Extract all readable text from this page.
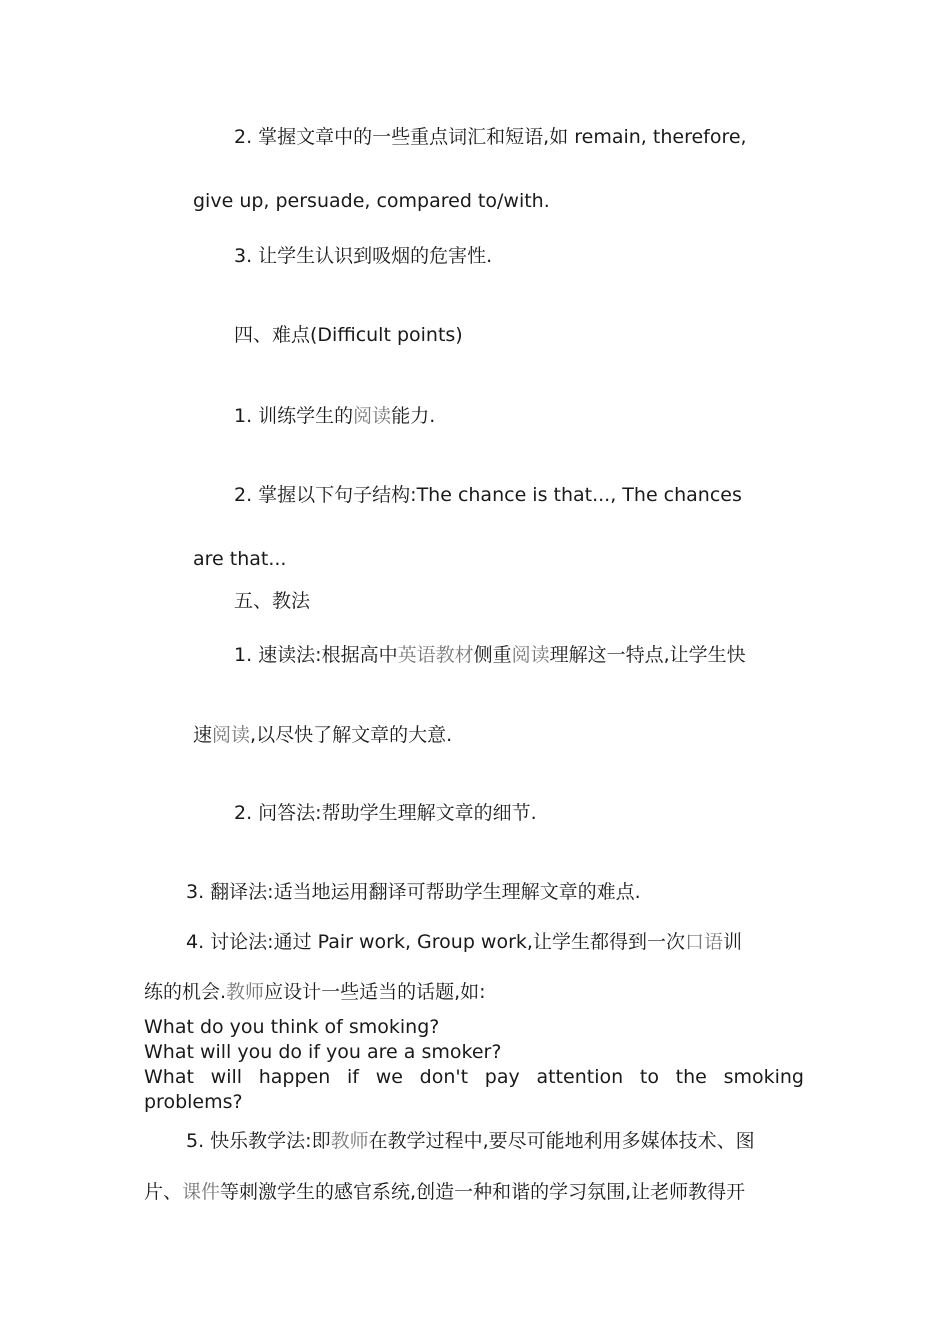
2. 掌握文章中的一些重点词汇和短语,如 remain, therefore,
give up, persuade, compared to/with.
3. 让学生认识到吸烟的危害性.
四、难点(Difficult points)
1. 训练学生的阅读能力.
2. 掌握以下句子结构:The chance is that..., The chances
are that...
五、教法
1. 速读法:根据高中英语教材侧重阅读理解这一特点,让学生快
速阅读,以尽快了解文章的大意.
2. 问答法:帮助学生理解文章的细节.
3. 翻译法:适当地运用翻译可帮助学生理解文章的难点.
4. 讨论法:通过 Pair work, Group work,让学生都得到一次口语训
练的机会.教师应设计一些适当的话题,如:
What do you think of smoking?
What will you do if you are a smoker?
What will happen if we don't pay attention to the smoking
problems?
5. 快乐教学法:即教师在教学过程中,要尽可能地利用多媒体技术、图
片、课件等刺激学生的感官系统,创造一种和谐的学习氛围,让老师教得开
